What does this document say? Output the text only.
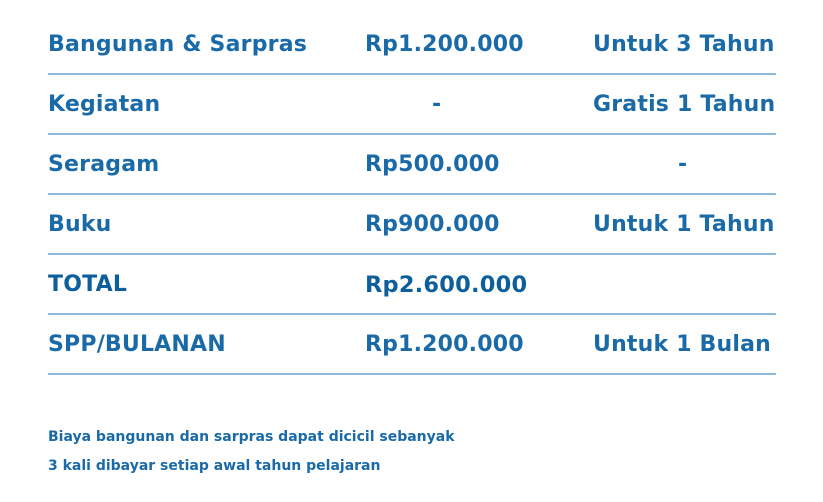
Bangunan & Sarpras	Rp1.200.000	Untuk 3 Tahun
Kegiatan	-	Gratis 1 Tahun
Seragam	Rp500.000	-
Buku	Rp900.000	Untuk 1 Tahun
TOTAL	Rp2.600.000
SPP/BULANAN	Rp1.200.000	Untuk 1 Bulan
Biaya bangunan dan sarpras dapat dicicil sebanyak
3 kali dibayar setiap awal tahun pelajaran
